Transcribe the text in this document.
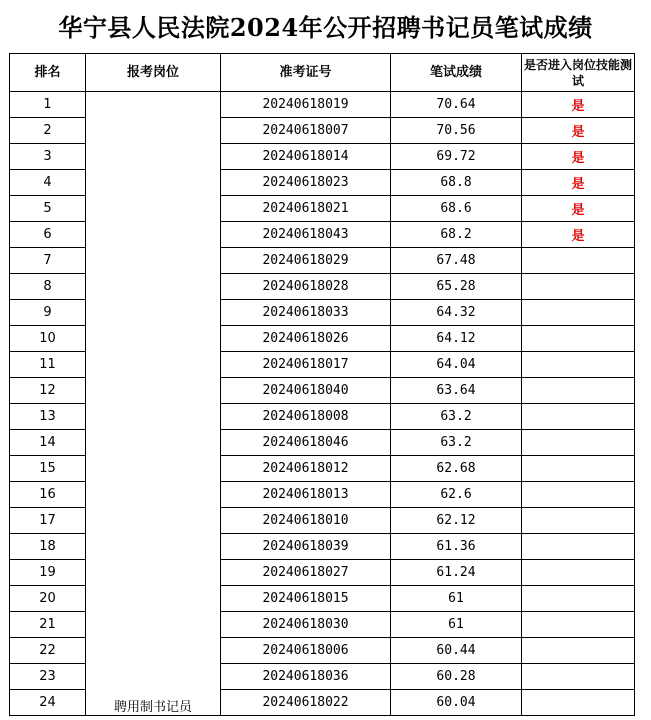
华宁县人民法院2024年公开招聘书记员笔试成绩
排名	报考岗位	准考证号	笔试成绩	是否进入岗位技能测试
1	聘用制书记员	20240618019	70.64	是
2		20240618007	70.56	是
3		20240618014	69.72	是
4		20240618023	68.8	是
5		20240618021	68.6	是
6		20240618043	68.2	是
7		20240618029	67.48	
8		20240618028	65.28	
9		20240618033	64.32	
10		20240618026	64.12	
11		20240618017	64.04	
12		20240618040	63.64	
13		20240618008	63.2	
14		20240618046	63.2	
15		20240618012	62.68	
16		20240618013	62.6	
17		20240618010	62.12	
18		20240618039	61.36	
19		20240618027	61.24	
20		20240618015	61	
21		20240618030	61	
22		20240618006	60.44	
23		20240618036	60.28	
24		20240618022	60.04	
